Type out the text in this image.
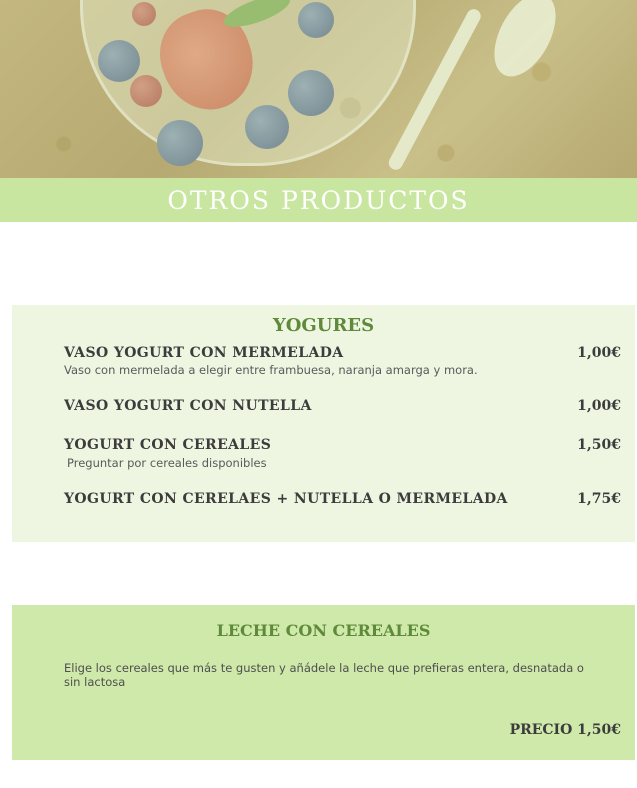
OTROS PRODUCTOS
YOGURES
VASO YOGURT CON MERMELADA	1,00€
Vaso con mermelada a elegir entre frambuesa, naranja amarga y mora.
VASO YOGURT CON NUTELLA	1,00€
YOGURT CON CEREALES	1,50€
Preguntar por cereales disponibles
YOGURT CON CERELAES + NUTELLA O MERMELADA	1,75€
LECHE CON CEREALES
Elige los cereales que más te gusten y añádele la leche que prefieras entera, desnatada o sin lactosa
PRECIO 1,50€
